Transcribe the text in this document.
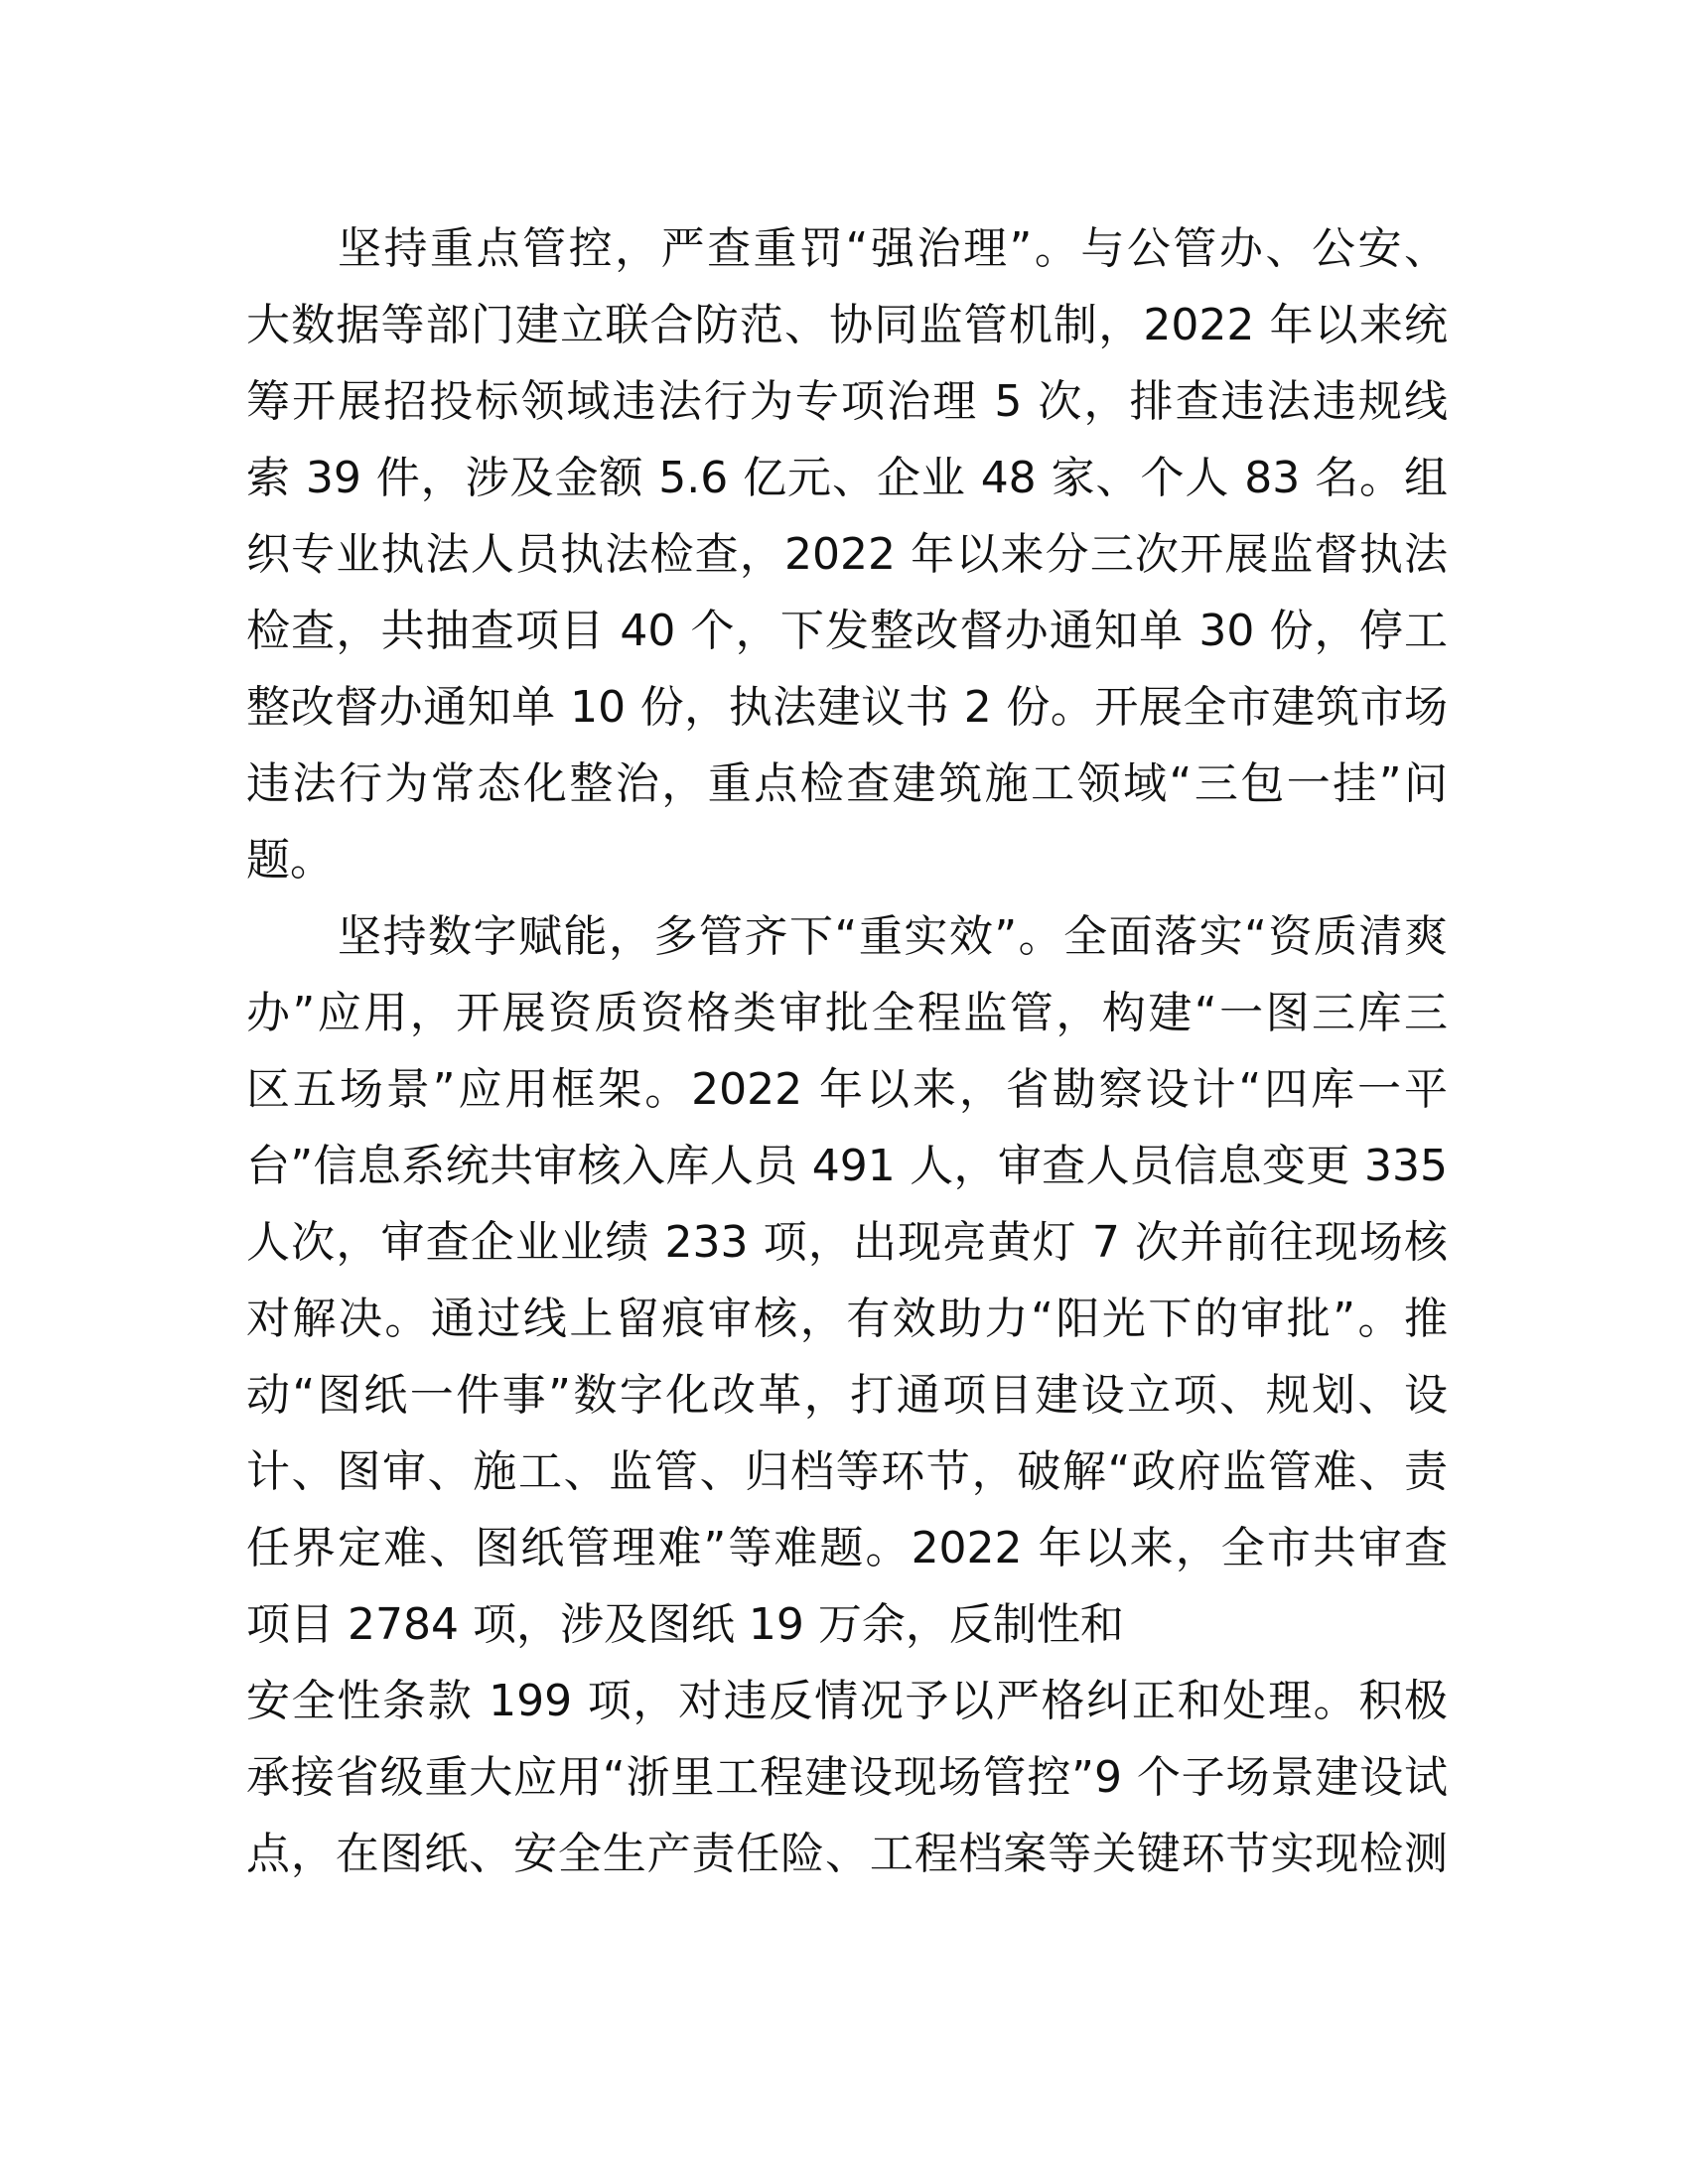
坚持重点管控，严查重罚“强治理”。与公管办、公安、
大数据等部门建立联合防范、协同监管机制，2022 年以来统
筹开展招投标领域违法行为专项治理 5 次，排查违法违规线
索 39 件，涉及金额 5.6 亿元、企业 48 家、个人 83 名。组
织专业执法人员执法检查，2022 年以来分三次开展监督执法
检查，共抽查项目 40 个，下发整改督办通知单 30 份，停工
整改督办通知单 10 份，执法建议书 2 份。开展全市建筑市场
违法行为常态化整治，重点检查建筑施工领域“三包一挂”问
题。
坚持数字赋能，多管齐下“重实效”。全面落实“资质清爽
办”应用，开展资质资格类审批全程监管，构建“一图三库三
区五场景”应用框架。2022 年以来，省勘察设计“四库一平
台”信息系统共审核入库人员 491 人，审查人员信息变更 335
人次，审查企业业绩 233 项，出现亮黄灯 7 次并前往现场核
对解决。通过线上留痕审核，有效助力“阳光下的审批”。推
动“图纸一件事”数字化改革，打通项目建设立项、规划、设
计、图审、施工、监管、归档等环节，破解“政府监管难、责
任界定难、图纸管理难”等难题。2022 年以来，全市共审查
项目 2784 项，涉及图纸 19 万余，反制性和
安全性条款 199 项，对违反情况予以严格纠正和处理。积极
承接省级重大应用“浙里工程建设现场管控”9 个子场景建设试
点，在图纸、安全生产责任险、工程档案等关键环节实现检测
